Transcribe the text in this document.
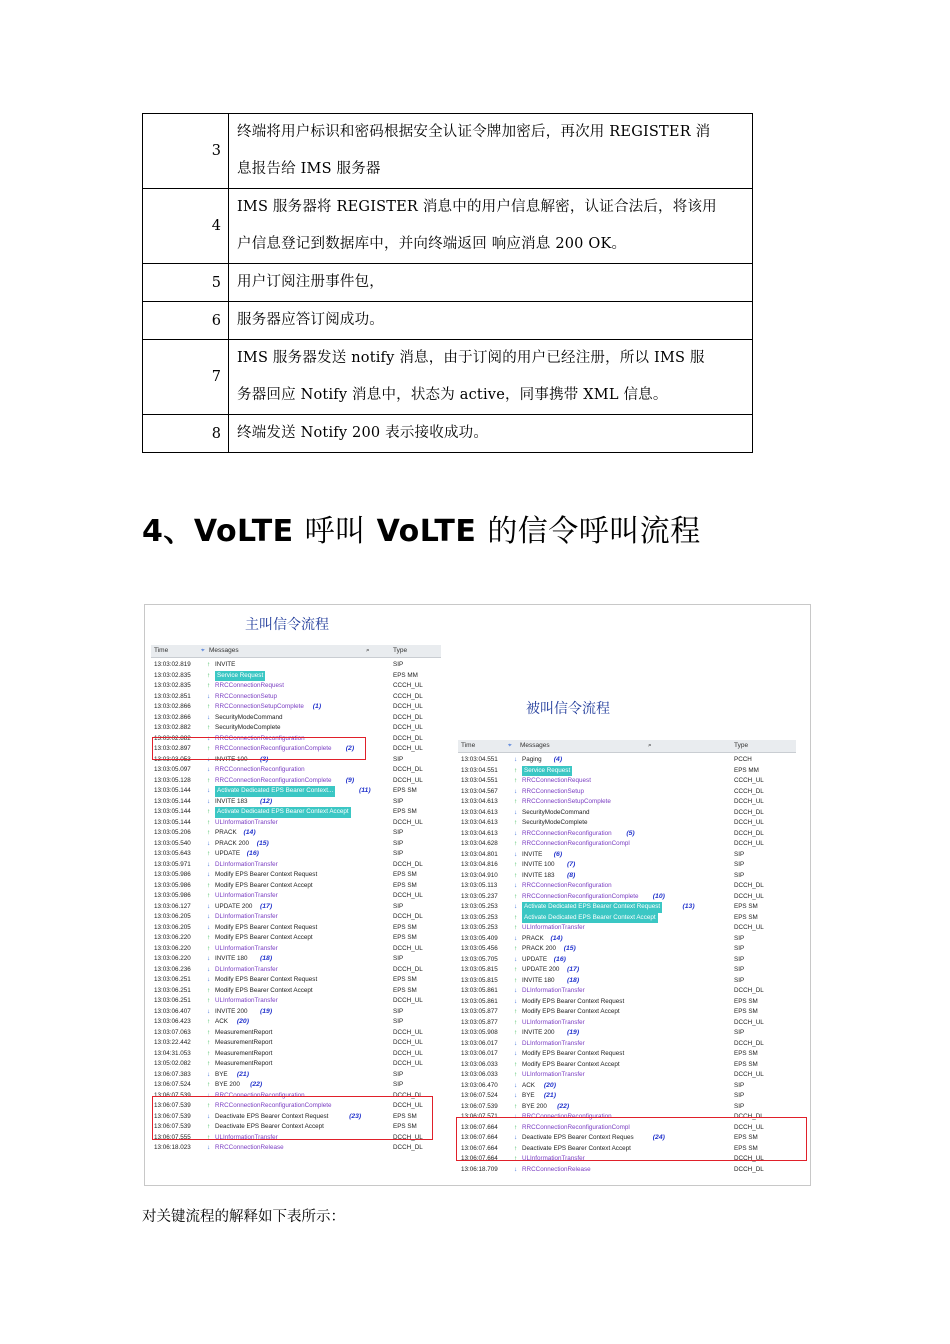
3	终端将用户标识和密码根据安全认证令牌加密后，再次用 REGISTER 消
息报告给 IMS 服务器

4	IMS 服务器将 REGISTER 消息中的用户信息解密，认证合法后，将该用
户信息登记到数据库中，并向终端返回 响应消息 200 OK。

5	用户订阅注册事件包，

6	服务器应答订阅成功。

7	IMS 服务器发送 notify 消息，由于订阅的用户已经注册，所以 IMS 服
务器回应 Notify 消息中，状态为 active，同事携带 XML 信息。

8	终端发送 Notify 200 表示接收成功。
4、VoLTE 呼叫 VoLTE 的信令呼叫流程
主叫信令流程
被叫信令流程
Time	⌖ Messages	⌕	Type
13:03:02.819	↑ INVITE	SIP
13:03:02.835	↑	Service Request	EPS MM
13:03:02.835	↑ RRCConnectionRequest	CCCH_UL
13:03:02.851	↓ RRCConnectionSetup	CCCH_DL
13:03:02.866	↑ RRCConnectionSetupComplete	DCCH_UL
(1)
13:03:02.866	↓ SecurityModeCommand	DCCH_DL
13:03:02.882	↑ SecurityModeComplete	DCCH_UL
13:03:02.882	↓ RRCConnectionReconfiguration	DCCH_DL
13:03:02.897	↑ RRCConnectionReconfigurationComplete	DCCH_UL
(2)
13:03:03.053	↓ INVITE 100	SIP
(3)
13:03:05.097	↓ RRCConnectionReconfiguration	DCCH_DL
13:03:05.128	↑ RRCConnectionReconfigurationComplete	DCCH_UL
(9)
13:03:05.144	↓	Activate Dedicated EPS Bearer Context...	EPS SM
(11)
13:03:05.144	↓ INVITE 183	SIP
(12)
13:03:05.144	↑	Activate Dedicated EPS Bearer Context Accept	EPS SM
13:03:05.144	↑ ULInformationTransfer	DCCH_UL
13:03:05.206	↑ PRACK	SIP
(14)
13:03:05.540	↓ PRACK 200	SIP
(15)
13:03:05.643	↑ UPDATE	SIP
(16)
13:03:05.971	↓ DLInformationTransfer	DCCH_DL
13:03:05.986	↓ Modify EPS Bearer Context Request	EPS SM
13:03:05.986	↑ Modify EPS Bearer Context Accept	EPS SM
13:03:05.986	↑ ULInformationTransfer	DCCH_UL
13:03:06.127	↓ UPDATE 200	SIP
(17)
13:03:06.205	↓ DLInformationTransfer	DCCH_DL
13:03:06.205	↓ Modify EPS Bearer Context Request	EPS SM
13:03:06.220	↑ Modify EPS Bearer Context Accept	EPS SM
13:03:06.220	↑ ULInformationTransfer	DCCH_UL
13:03:06.220	↓ INVITE 180	SIP
(18)
13:03:06.236	↓ DLInformationTransfer	DCCH_DL
13:03:06.251	↓ Modify EPS Bearer Context Request	EPS SM
13:03:06.251	↑ Modify EPS Bearer Context Accept	EPS SM
13:03:06.251	↑ ULInformationTransfer	DCCH_UL
13:03:06.407	↓ INVITE 200	SIP
(19)
13:03:06.423	↑ ACK	SIP
(20)
13:03:07.063	↑ MeasurementReport	DCCH_UL
13:03:22.442	↑ MeasurementReport	DCCH_UL
13:04:31.053	↑ MeasurementReport	DCCH_UL
13:05:02.082	↑ MeasurementReport	DCCH_UL
13:06:07.383	↓ BYE	SIP
(21)
13:06:07.524	↑ BYE 200	SIP
(22)
13:06:07.539	↓ RRCConnectionReconfiguration	DCCH_DL
13:06:07.539	↑ RRCConnectionReconfigurationComplete	DCCH_UL
13:06:07.539	↓ Deactivate EPS Bearer Context Request	EPS SM
(23)
13:06:07.539	↑ Deactivate EPS Bearer Context Accept	EPS SM
13:06:07.555	↑ ULInformationTransfer	DCCH_UL
13:06:18.023	↓ RRCConnectionRelease	DCCH_DL
Time	⌖ Messages	⌕	Type
13:03:04.551	↓ Paging	PCCH
(4)
13:03:04.551	↑	Service Request	EPS MM
13:03:04.551	↑ RRCConnectionRequest	CCCH_UL
13:03:04.567	↓ RRCConnectionSetup	CCCH_DL
13:03:04.613	↑ RRCConnectionSetupComplete	DCCH_UL
13:03:04.613	↓ SecurityModeCommand	DCCH_DL
13:03:04.613	↑ SecurityModeComplete	DCCH_UL
13:03:04.613	↓ RRCConnectionReconfiguration	DCCH_DL
(5)
13:03:04.628	↑ RRCConnectionReconfigurationCompl	DCCH_UL
13:03:04.801	↓ INVITE	SIP
(6)
13:03:04.816	↑ INVITE 100	SIP
(7)
13:03:04.910	↑ INVITE 183	SIP
(8)
13:03:05.113	↓ RRCConnectionReconfiguration	DCCH_DL
13:03:05.237	↑ RRCConnectionReconfigurationComplete	DCCH_UL
(10)
13:03:05.253	↓	Activate Dedicated EPS Bearer Context Request	EPS SM
(13)
13:03:05.253	↑	Activate Dedicated EPS Bearer Context Accept	EPS SM
13:03:05.253	↑ ULInformationTransfer	DCCH_UL
13:03:05.409	↓ PRACK	SIP
(14)
13:03:05.456	↑ PRACK 200	SIP
(15)
13:03:05.705	↓ UPDATE	SIP
(16)
13:03:05.815	↑ UPDATE 200	SIP
(17)
13:03:05.815	↑ INVITE 180	SIP
(18)
13:03:05.861	↓ DLInformationTransfer	DCCH_DL
13:03:05.861	↓ Modify EPS Bearer Context Request	EPS SM
13:03:05.877	↑ Modify EPS Bearer Context Accept	EPS SM
13:03:05.877	↑ ULInformationTransfer	DCCH_UL
13:03:05.908	↑ INVITE 200	SIP
(19)
13:03:06.017	↓ DLInformationTransfer	DCCH_DL
13:03:06.017	↓ Modify EPS Bearer Context Request	EPS SM
13:03:06.033	↑ Modify EPS Bearer Context Accept	EPS SM
13:03:06.033	↑ ULInformationTransfer	DCCH_UL
13:03:06.470	↓ ACK	SIP
(20)
13:06:07.524	↓ BYE	SIP
(21)
13:06:07.539	↑ BYE 200	SIP
(22)
13:06:07.571	↓ RRCConnectionReconfiguration	DCCH_DL
13:06:07.664	↑ RRCConnectionReconfigurationCompl	DCCH_UL
13:06:07.664	↓ Deactivate EPS Bearer Context Reques	EPS SM
(24)
13:06:07.664	↑ Deactivate EPS Bearer Context Accept	EPS SM
13:06:07.664	↑ ULInformationTransfer	DCCH_UL
13:06:18.709	↓ RRCConnectionRelease	DCCH_DL
对关键流程的解释如下表所示：
